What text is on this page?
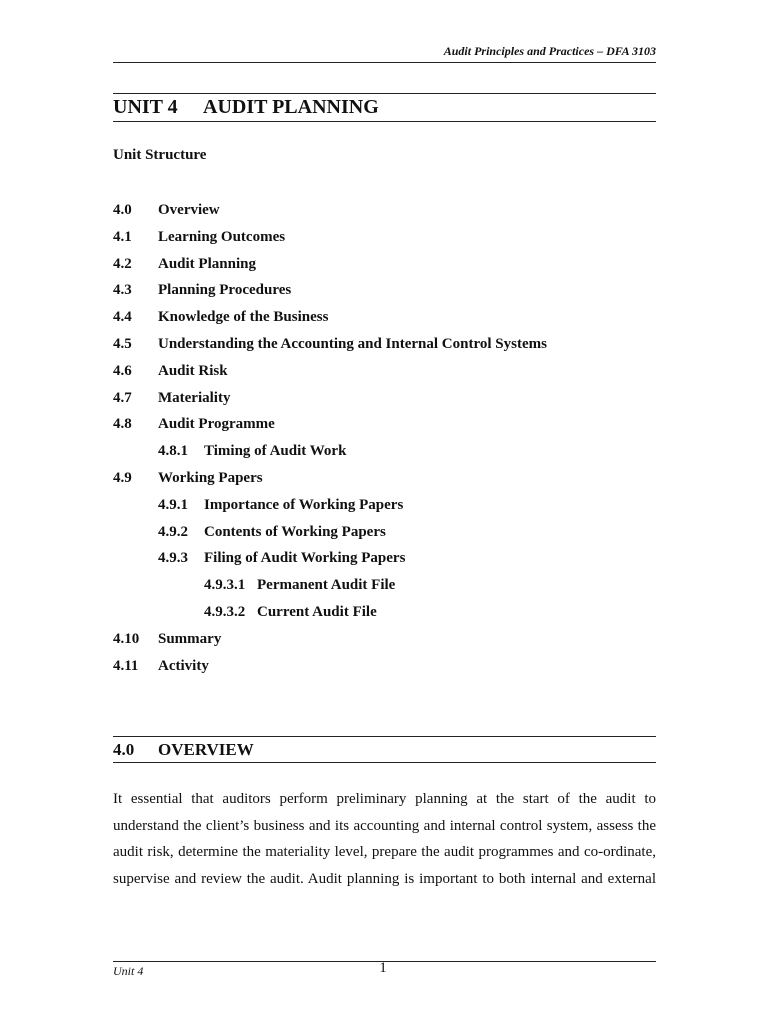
Audit Principles and Practices – DFA 3103
UNIT 4 AUDIT PLANNING
Unit Structure
4.0 Overview
4.1 Learning Outcomes
4.2 Audit Planning
4.3 Planning Procedures
4.4 Knowledge of the Business
4.5 Understanding the Accounting and Internal Control Systems
4.6 Audit Risk
4.7 Materiality
4.8 Audit Programme
4.8.1 Timing of Audit Work
4.9 Working Papers
4.9.1 Importance of Working Papers
4.9.2 Contents of Working Papers
4.9.3 Filing of Audit Working Papers
4.9.3.1 Permanent Audit File
4.9.3.2 Current Audit File
4.10 Summary
4.11 Activity
4.0 OVERVIEW
It essential that auditors perform preliminary planning at the start of the audit to
understand the client’s business and its accounting and internal control system, assess the
audit risk, determine the materiality level, prepare the audit programmes and co-ordinate,
supervise and review the audit. Audit planning is important to both internal and external
Unit 4	1
